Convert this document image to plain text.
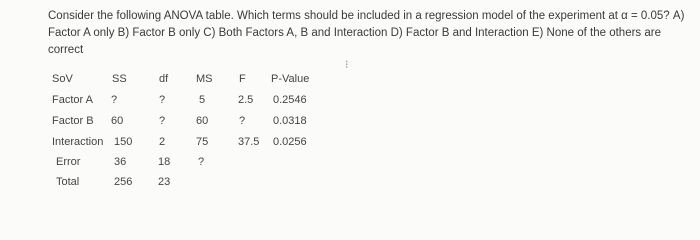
Consider the following ANOVA table. Which terms should be included in a regression model of the experiment at α = 0.05? A) Factor A only B) Factor B only C) Both Factors A, B and Interaction D) Factor B and Interaction E) None of the others are correct
⁝
SoV	SS	df	MS F P-Value
Factor A ?	?	5	2.5 0.2546
Factor B 60	?	60	?	0.0318
Interaction 150 2	75	37.5 0.0256
Error	36	18	?
Total	256 23
